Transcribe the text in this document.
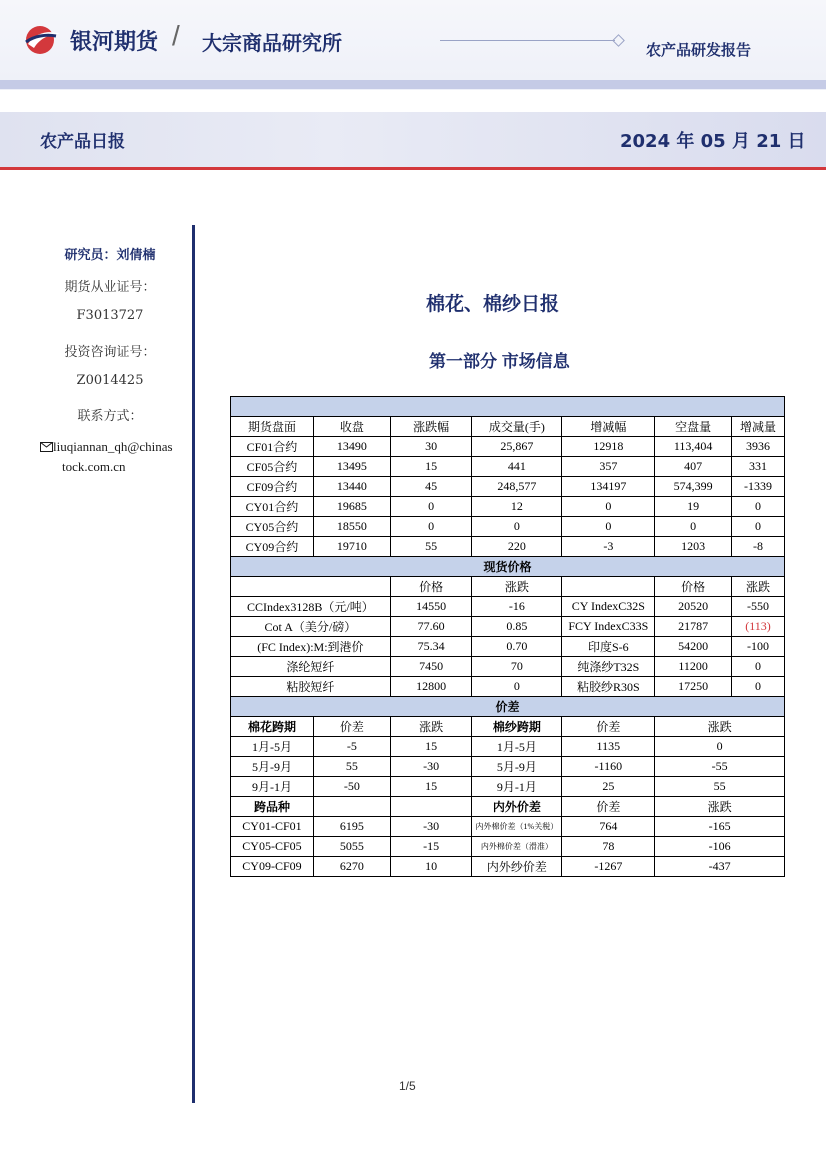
银河期货 / 大宗商品研究所	农产品研发报告
农产品日报	2024 年 05 月 21 日
研究员：刘倩楠
期货从业证号：
F3013727
投资咨询证号：
Z0014425
联系方式：
liuqiannan_qh@chinas
tock.com.cn
棉花、棉纱日报
第一部分 市场信息

期货盘面	收盘	涨跌幅	成交量(手)	增减幅	空盘量	增减量
CF01合约	13490	30	25,867	12918	113,404	3936
CF05合约	13495	15	441	357	407	331
CF09合约	13440	45	248,577	134197	574,399	-1339
CY01合约	19685	0	12	0	19	0
CY05合约	18550	0	0	0	0	0
CY09合约	19710	55	220	-3	1203	-8
现货价格						
		价格	涨跌		价格	涨跌
CCIndex3128B（元/吨）		14550	-16	CY IndexC32S	20520	-550
Cot A（美分/磅）		77.60	0.85	FCY IndexC33S	21787	(113)
(FC Index):M:到港价		75.34	0.70	印度S-6	54200	-100
涤纶短纤		7450	70	纯涤纱T32S	11200	0
粘胶短纤		12800	0	粘胶纱R30S	17250	0
价差						
棉花跨期	价差	涨跌	棉纱跨期	价差	涨跌	
1月-5月	-5	15	1月-5月	1135	0	
5月-9月	55	-30	5月-9月	-1160	-55	
9月-1月	-50	15	9月-1月	25	55	
跨品种			内外价差	价差	涨跌	
CY01-CF01	6195	-30	内外棉价差（1%关税）	764	-165	
CY05-CF05	5055	-15	内外棉价差（滑准）	78	-106	
CY09-CF09	6270	10	内外纱价差	-1267	-437	
1/5
